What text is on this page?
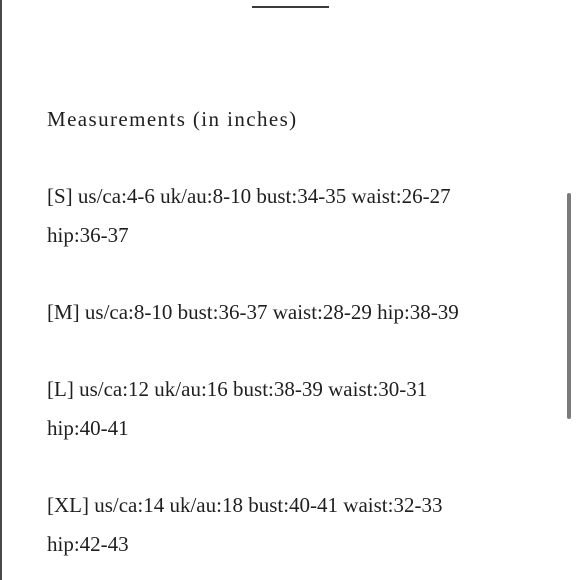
Measurements (in inches)
[S] us/ca:4-6 uk/au:8-10 bust:34-35 waist:26-27
hip:36-37
[M] us/ca:8-10 bust:36-37 waist:28-29 hip:38-39
[L] us/ca:12 uk/au:16 bust:38-39 waist:30-31
hip:40-41
[XL] us/ca:14 uk/au:18 bust:40-41 waist:32-33
hip:42-43
